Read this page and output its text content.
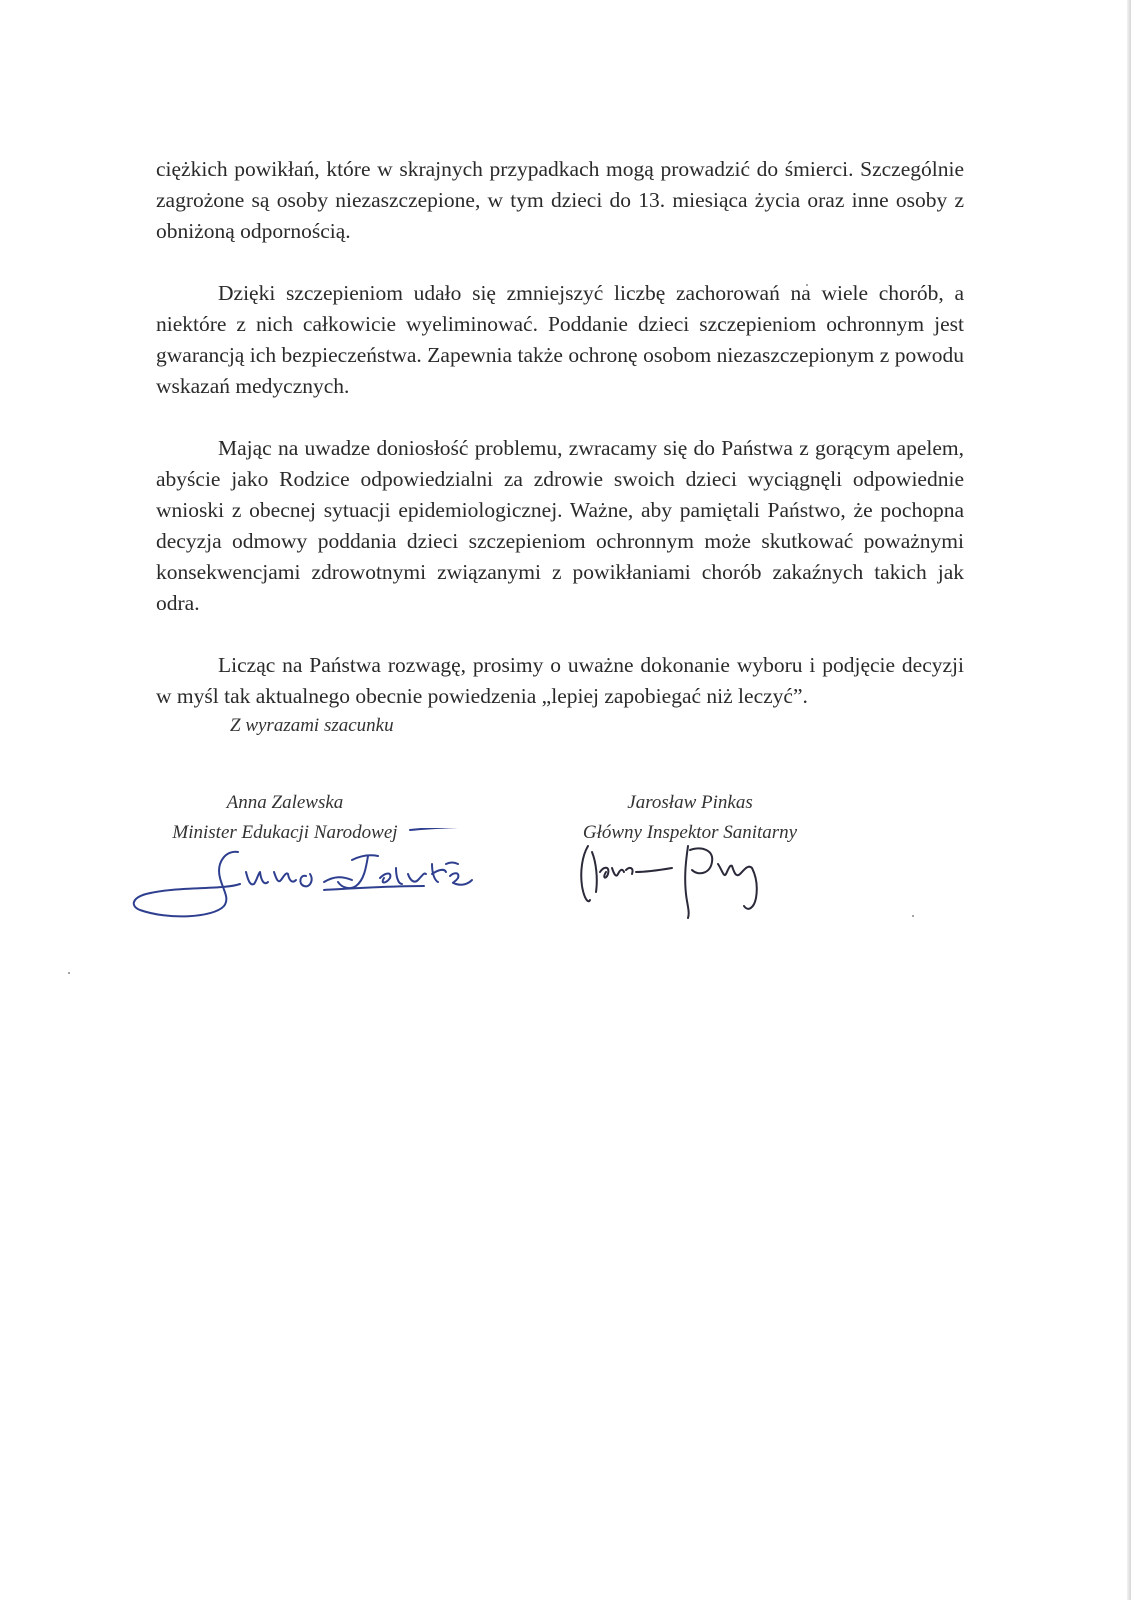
ciężkich powikłań, które w skrajnych przypadkach mogą prowadzić do śmierci. Szczególnie zagrożone są osoby niezaszczepione, w tym dzieci do 13. miesiąca życia oraz inne osoby z obniżoną odpornością.

Dzięki szczepieniom udało się zmniejszyć liczbę zachorowań na wiele chorób, a niektóre z nich całkowicie wyeliminować. Poddanie dzieci szczepieniom ochronnym jest gwarancją ich bezpieczeństwa. Zapewnia także ochronę osobom niezaszczepionym z powodu wskazań medycznych.

Mając na uwadze doniosłość problemu, zwracamy się do Państwa z gorącym apelem, abyście jako Rodzice odpowiedzialni za zdrowie swoich dzieci wyciągnęli odpowiednie wnioski z obecnej sytuacji epidemiologicznej. Ważne, aby pamiętali Państwo, że pochopna decyzja odmowy poddania dzieci szczepieniom ochronnym może skutkować poważnymi konsekwencjami zdrowotnymi związanymi z powikłaniami chorób zakaźnych takich jak odra.

Licząc na Państwa rozwagę, prosimy o uważne dokonanie wyboru i podjęcie decyzji w myśl tak aktualnego obecnie powiedzenia „lepiej zapobiegać niż leczyć”.

Z wyrazami szacunku
Anna Zalewska
Minister Edukacji Narodowej
Jarosław Pinkas
Główny Inspektor Sanitarny
